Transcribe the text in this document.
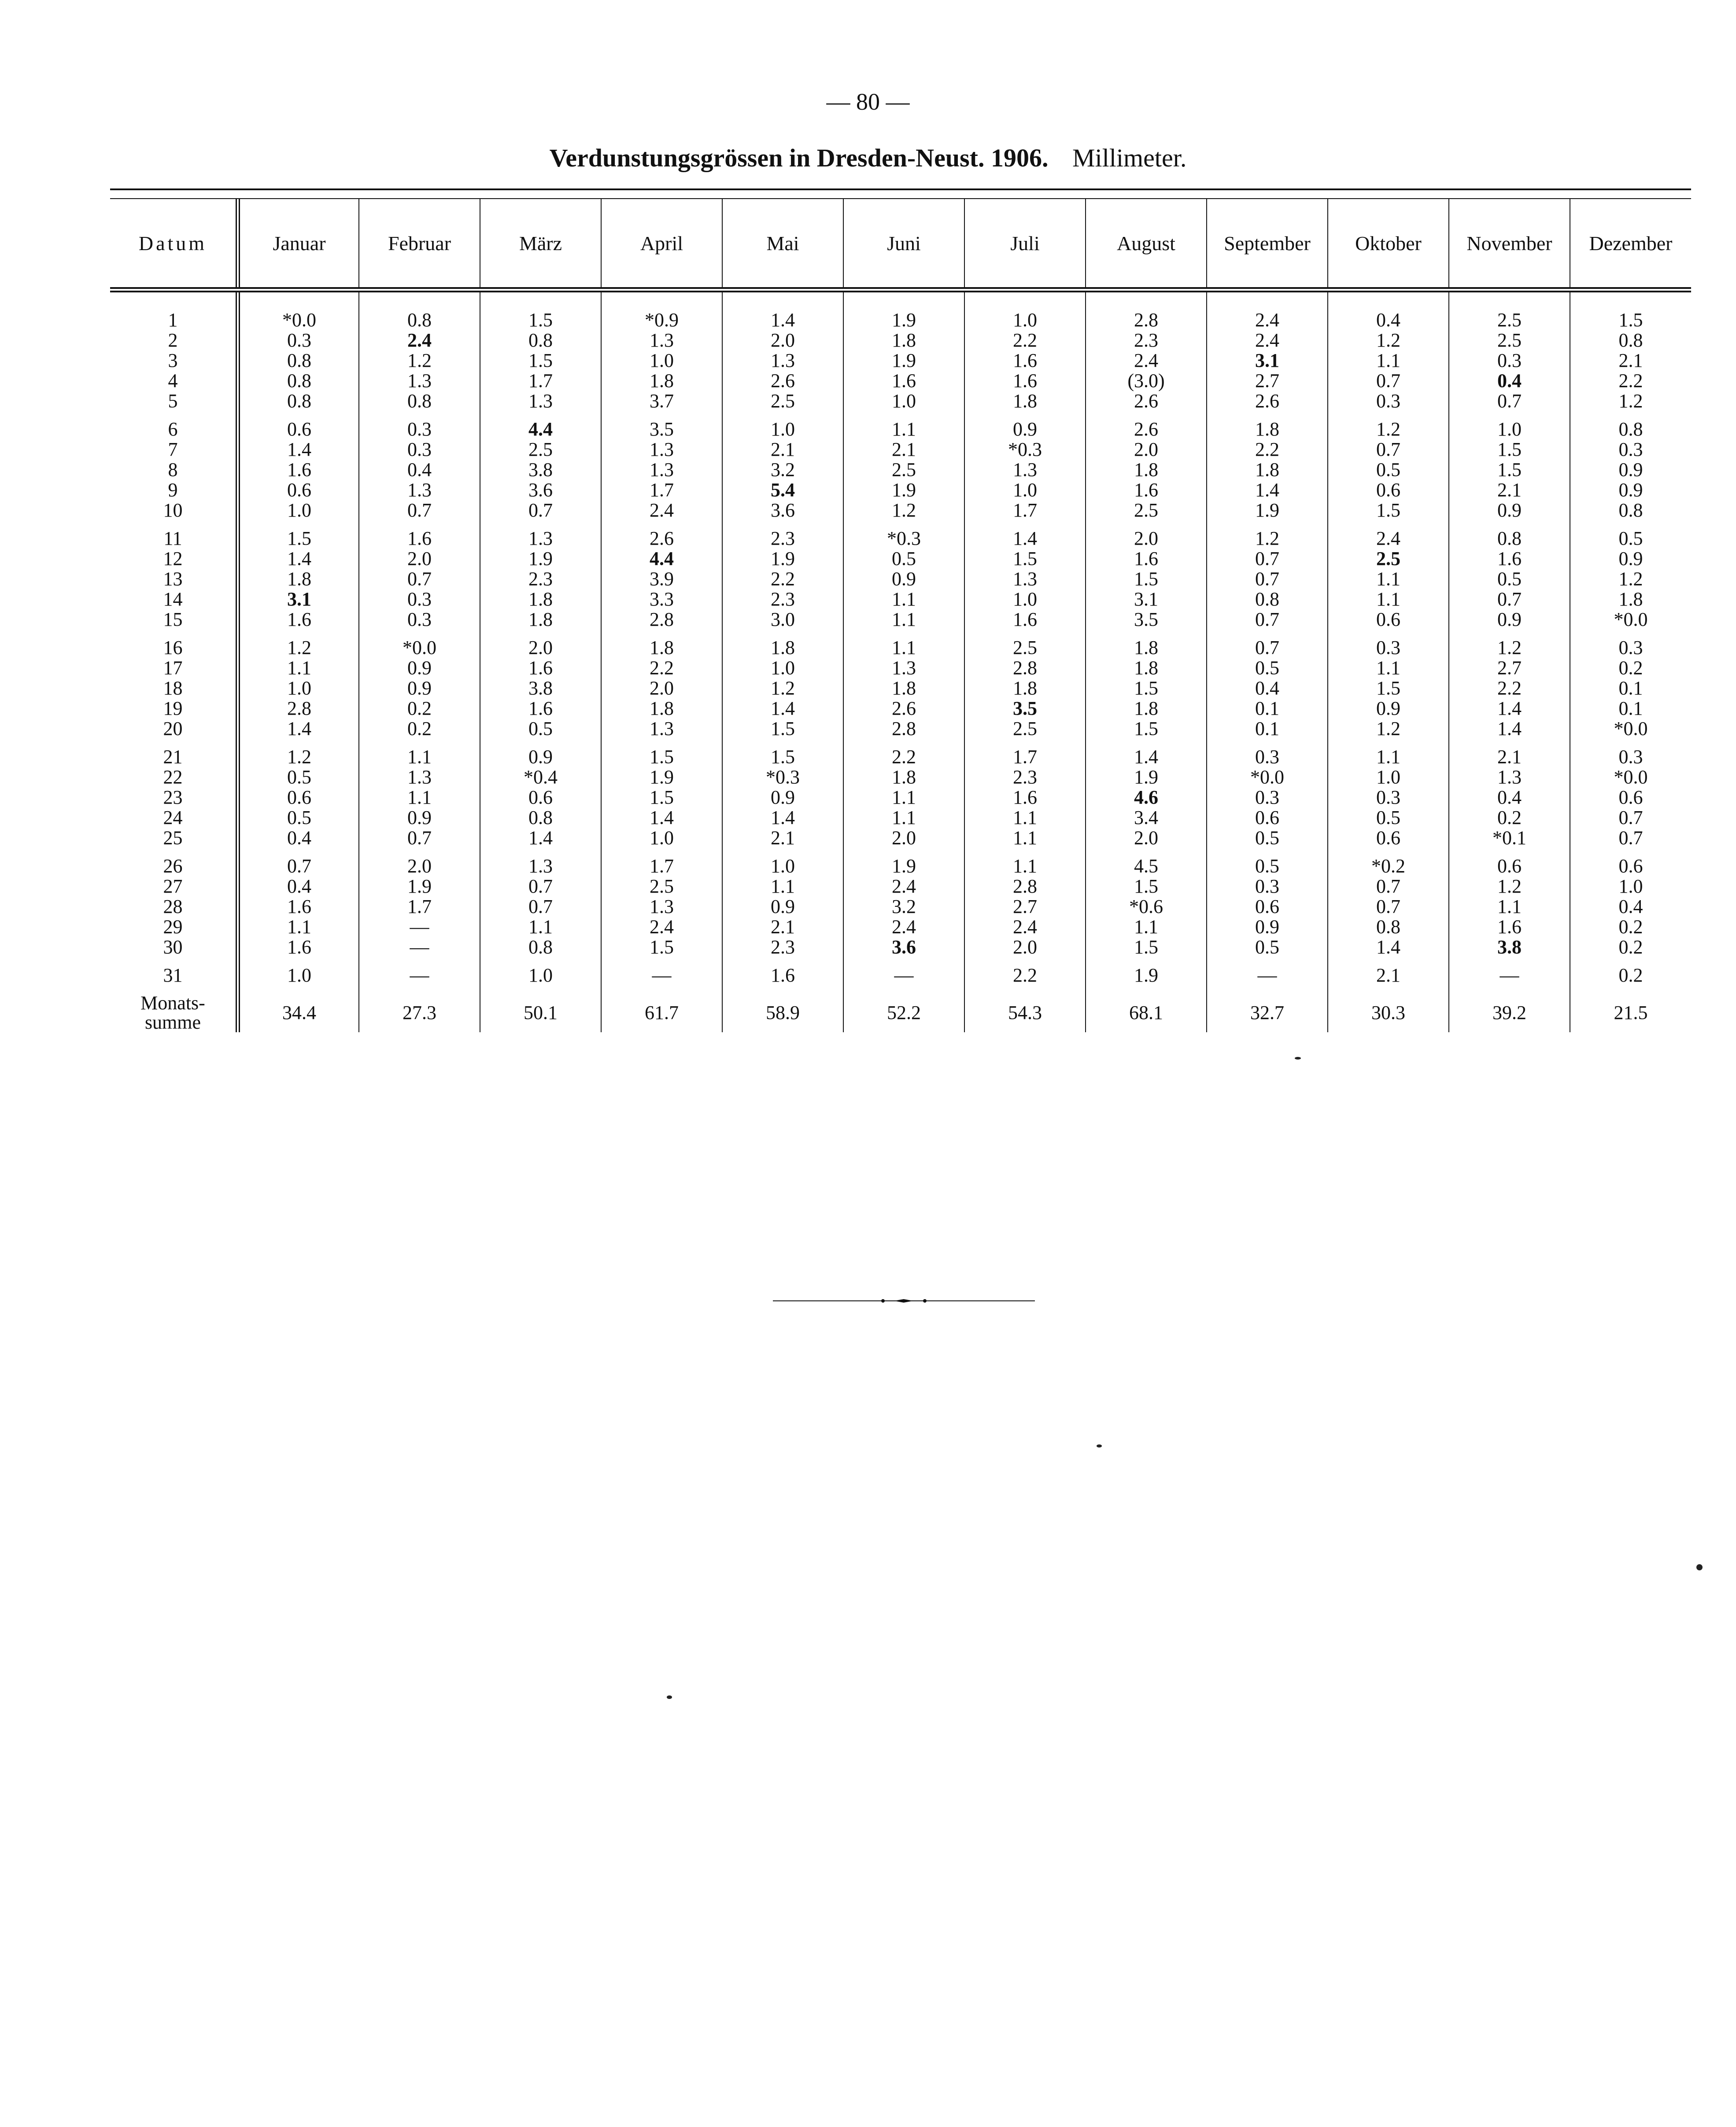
— 80 —
Verdunstungsgrössen in Dresden-Neust. 1906. Millimeter.
Datum	Januar	Februar	März	April	Mai	Juni	Juli	August	September	Oktober	November	Dezember
1	*0.0	0.8	1.5	*0.9	1.4	1.9	1.0	2.8	2.4	0.4	2.5	1.5
2	0.3	2.4	0.8	1.3	2.0	1.8	2.2	2.3	2.4	1.2	2.5	0.8
3	0.8	1.2	1.5	1.0	1.3	1.9	1.6	2.4	3.1	1.1	0.3	2.1
4	0.8	1.3	1.7	1.8	2.6	1.6	1.6	(3.0)	2.7	0.7	0.4	2.2
5	0.8	0.8	1.3	3.7	2.5	1.0	1.8	2.6	2.6	0.3	0.7	1.2

6	0.6	0.3	4.4	3.5	1.0	1.1	0.9	2.6	1.8	1.2	1.0	0.8
7	1.4	0.3	2.5	1.3	2.1	2.1	*0.3	2.0	2.2	0.7	1.5	0.3
8	1.6	0.4	3.8	1.3	3.2	2.5	1.3	1.8	1.8	0.5	1.5	0.9
9	0.6	1.3	3.6	1.7	5.4	1.9	1.0	1.6	1.4	0.6	2.1	0.9
10	1.0	0.7	0.7	2.4	3.6	1.2	1.7	2.5	1.9	1.5	0.9	0.8

11	1.5	1.6	1.3	2.6	2.3	*0.3	1.4	2.0	1.2	2.4	0.8	0.5
12	1.4	2.0	1.9	4.4	1.9	0.5	1.5	1.6	0.7	2.5	1.6	0.9
13	1.8	0.7	2.3	3.9	2.2	0.9	1.3	1.5	0.7	1.1	0.5	1.2
14	3.1	0.3	1.8	3.3	2.3	1.1	1.0	3.1	0.8	1.1	0.7	1.8
15	1.6	0.3	1.8	2.8	3.0	1.1	1.6	3.5	0.7	0.6	0.9	*0.0

16	1.2	*0.0	2.0	1.8	1.8	1.1	2.5	1.8	0.7	0.3	1.2	0.3
17	1.1	0.9	1.6	2.2	1.0	1.3	2.8	1.8	0.5	1.1	2.7	0.2
18	1.0	0.9	3.8	2.0	1.2	1.8	1.8	1.5	0.4	1.5	2.2	0.1
19	2.8	0.2	1.6	1.8	1.4	2.6	3.5	1.8	0.1	0.9	1.4	0.1
20	1.4	0.2	0.5	1.3	1.5	2.8	2.5	1.5	0.1	1.2	1.4	*0.0

21	1.2	1.1	0.9	1.5	1.5	2.2	1.7	1.4	0.3	1.1	2.1	0.3
22	0.5	1.3	*0.4	1.9	*0.3	1.8	2.3	1.9	*0.0	1.0	1.3	*0.0
23	0.6	1.1	0.6	1.5	0.9	1.1	1.6	4.6	0.3	0.3	0.4	0.6
24	0.5	0.9	0.8	1.4	1.4	1.1	1.1	3.4	0.6	0.5	0.2	0.7
25	0.4	0.7	1.4	1.0	2.1	2.0	1.1	2.0	0.5	0.6	*0.1	0.7

26	0.7	2.0	1.3	1.7	1.0	1.9	1.1	4.5	0.5	*0.2	0.6	0.6
27	0.4	1.9	0.7	2.5	1.1	2.4	2.8	1.5	0.3	0.7	1.2	1.0
28	1.6	1.7	0.7	1.3	0.9	3.2	2.7	*0.6	0.6	0.7	1.1	0.4
29	1.1	—	1.1	2.4	2.1	2.4	2.4	1.1	0.9	0.8	1.6	0.2
30	1.6	—	0.8	1.5	2.3	3.6	2.0	1.5	0.5	1.4	3.8	0.2

31	1.0	—	1.0	—	1.6	—	2.2	1.9	—	2.1	—	0.2

Monats-
summe	34.4	27.3	50.1	61.7	58.9	52.2	54.3	68.1	32.7	30.3	39.2	21.5
